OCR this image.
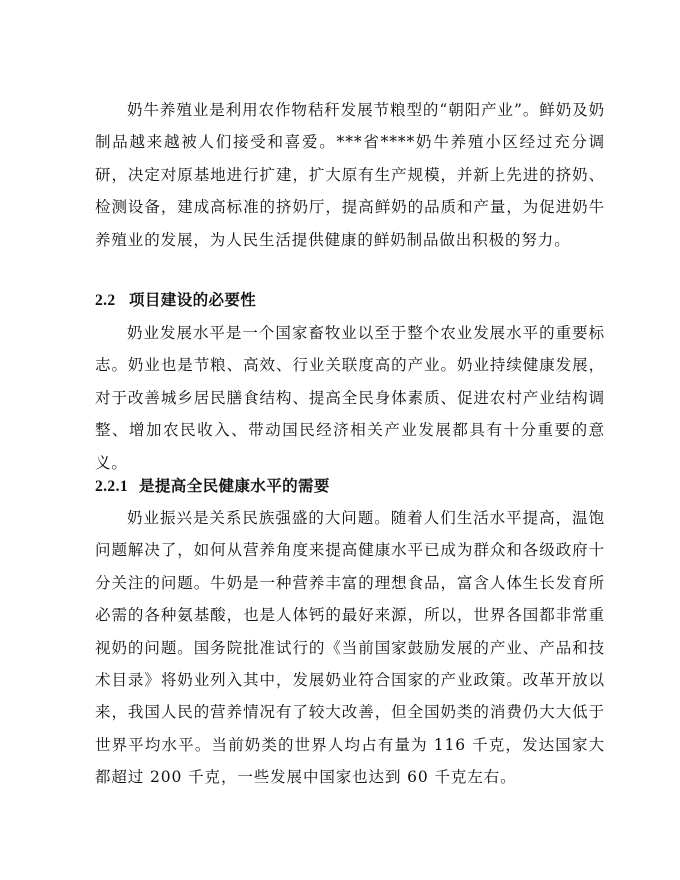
奶牛养殖业是利用农作物秸秆发展节粮型的“朝阳产业”。鲜奶及奶制品越来越被人们接受和喜爱。***省****奶牛养殖小区经过充分调研，决定对原基地进行扩建，扩大原有生产规模，并新上先进的挤奶、检测设备，建成高标准的挤奶厅，提高鲜奶的品质和产量，为促进奶牛养殖业的发展，为人民生活提供健康的鲜奶制品做出积极的努力。

2.2 项目建设的必要性

奶业发展水平是一个国家畜牧业以至于整个农业发展水平的重要标志。奶业也是节粮、高效、行业关联度高的产业。奶业持续健康发展，对于改善城乡居民膳食结构、提高全民身体素质、促进农村产业结构调整、增加农民收入、带动国民经济相关产业发展都具有十分重要的意义。

2.2.1 是提高全民健康水平的需要

奶业振兴是关系民族强盛的大问题。随着人们生活水平提高，温饱问题解决了，如何从营养角度来提高健康水平已成为群众和各级政府十分关注的问题。牛奶是一种营养丰富的理想食品，富含人体生长发育所必需的各种氨基酸，也是人体钙的最好来源，所以，世界各国都非常重视奶的问题。国务院批准试行的《当前国家鼓励发展的产业、产品和技术目录》将奶业列入其中，发展奶业符合国家的产业政策。改革开放以来，我国人民的营养情况有了较大改善，但全国奶类的消费仍大大低于世界平均水平。当前奶类的世界人均占有量为 116 千克，发达国家大都超过 200 千克，一些发展中国家也达到 60 千克左右。
